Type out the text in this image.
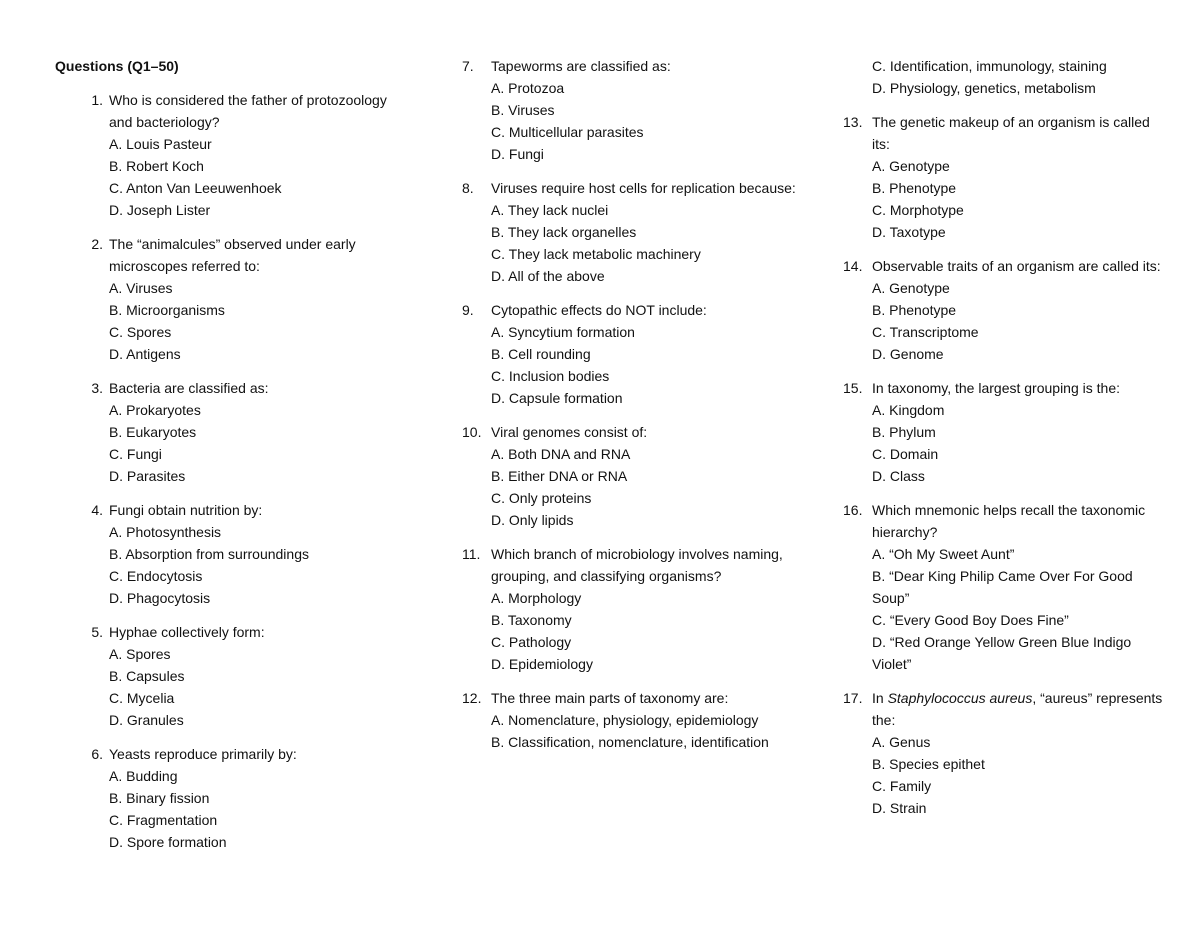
Questions (Q1–50)
1. Who is considered the father of protozoology and bacteriology?
A. Louis Pasteur
B. Robert Koch
C. Anton Van Leeuwenhoek
D. Joseph Lister
2. The “animalcules” observed under early microscopes referred to:
A. Viruses
B. Microorganisms
C. Spores
D. Antigens
3. Bacteria are classified as:
A. Prokaryotes
B. Eukaryotes
C. Fungi
D. Parasites
4. Fungi obtain nutrition by:
A. Photosynthesis
B. Absorption from surroundings
C. Endocytosis
D. Phagocytosis
5. Hyphae collectively form:
A. Spores
B. Capsules
C. Mycelia
D. Granules
6. Yeasts reproduce primarily by:
A. Budding
B. Binary fission
C. Fragmentation
D. Spore formation
7.	Tapeworms are classified as:
A. Protozoa
B. Viruses
C. Multicellular parasites
D. Fungi
8.	Viruses require host cells for replication because:
A. They lack nuclei
B. They lack organelles
C. They lack metabolic machinery
D. All of the above
9.	Cytopathic effects do NOT include:
A. Syncytium formation
B. Cell rounding
C. Inclusion bodies
D. Capsule formation
10. Viral genomes consist of:
A. Both DNA and RNA
B. Either DNA or RNA
C. Only proteins
D. Only lipids
11. Which branch of microbiology involves naming, grouping, and classifying organisms?
A. Morphology
B. Taxonomy
C. Pathology
D. Epidemiology
12. The three main parts of taxonomy are:
A. Nomenclature, physiology, epidemiology
B. Classification, nomenclature, identification
C. Identification, immunology, staining
D. Physiology, genetics, metabolism
13. The genetic makeup of an organism is called its:
A. Genotype
B. Phenotype
C. Morphotype
D. Taxotype
14. Observable traits of an organism are called its:
A. Genotype
B. Phenotype
C. Transcriptome
D. Genome
15. In taxonomy, the largest grouping is the:
A. Kingdom
B. Phylum
C. Domain
D. Class
16. Which mnemonic helps recall the taxonomic hierarchy?
A. “Oh My Sweet Aunt”
B. “Dear King Philip Came Over For Good Soup”
C. “Every Good Boy Does Fine”
D. “Red Orange Yellow Green Blue Indigo Violet”
17. In Staphylococcus aureus, “aureus” represents the:
A. Genus
B. Species epithet
C. Family
D. Strain
